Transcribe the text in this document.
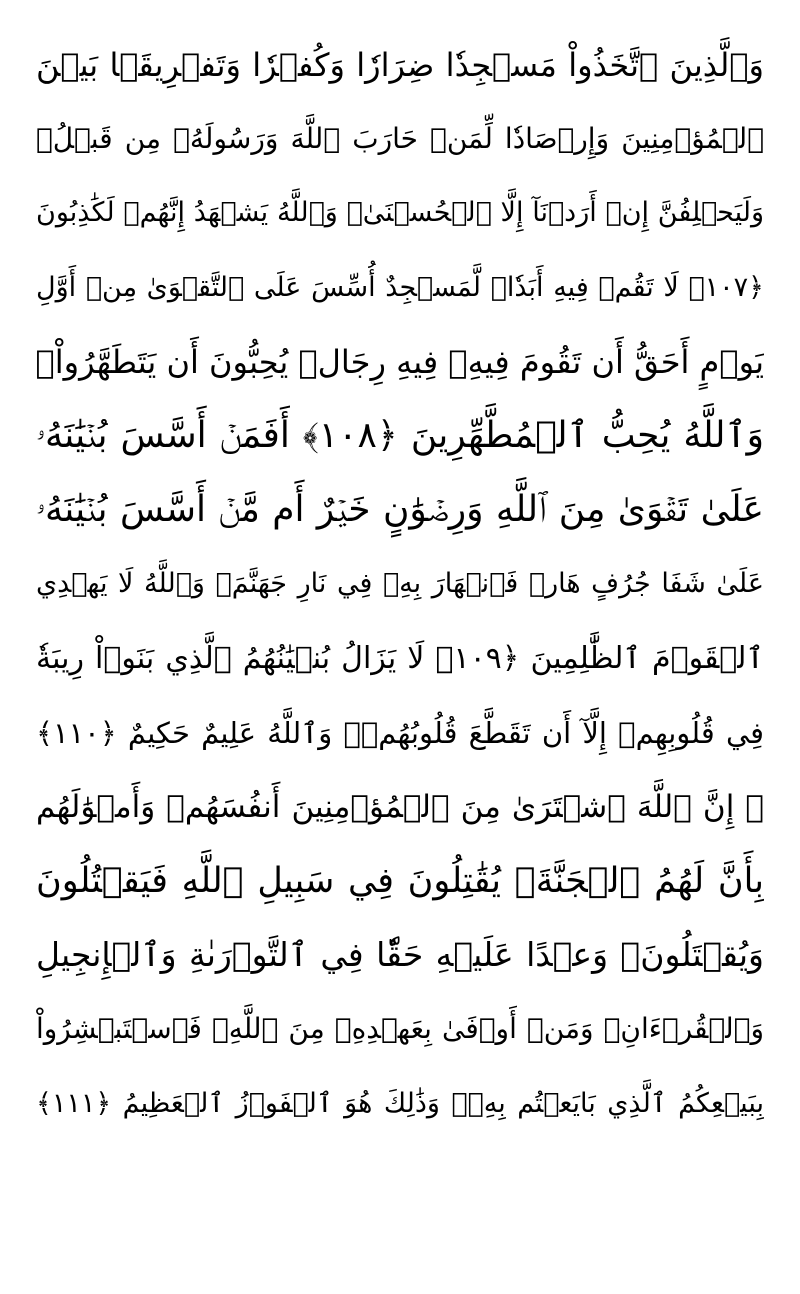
وَٱلَّذِينَ ٱتَّخَذُواْ مَسۡجِدٗا ضِرَارٗا وَكُفۡرٗا وَتَفۡرِيقَۢا بَيۡنَ
ٱلۡمُؤۡمِنِينَ وَإِرۡصَادٗا لِّمَنۡ حَارَبَ ٱللَّهَ وَرَسُولَهُۥ مِن قَبۡلُۚ
وَلَيَحۡلِفُنَّ إِنۡ أَرَدۡنَآ إِلَّا ٱلۡحُسۡنَىٰۖ وَٱللَّهُ يَشۡهَدُ إِنَّهُمۡ لَكَٰذِبُونَ
﴿١٠٧﴾ لَا تَقُمۡ فِيهِ أَبَدٗاۚ لَّمَسۡجِدٌ أُسِّسَ عَلَى ٱلتَّقۡوَىٰ مِنۡ أَوَّلِ
يَوۡمٍ أَحَقُّ أَن تَقُومَ فِيهِۚ فِيهِ رِجَالٞ يُحِبُّونَ أَن يَتَطَهَّرُواْۚ
وَٱللَّهُ يُحِبُّ ٱلۡمُطَّهِّرِينَ ﴿١٠٨﴾ أَفَمَنۡ أَسَّسَ بُنۡيَٰنَهُۥ
عَلَىٰ تَقۡوَىٰ مِنَ ٱللَّهِ وَرِضۡوَٰنٍ خَيۡرٌ أَم مَّنۡ أَسَّسَ بُنۡيَٰنَهُۥ
عَلَىٰ شَفَا جُرُفٍ هَارٖ فَٱنۡهَارَ بِهِۦ فِي نَارِ جَهَنَّمَۗ وَٱللَّهُ لَا يَهۡدِي
ٱلۡقَوۡمَ ٱلظَّٰلِمِينَ ﴿١٠٩﴾ لَا يَزَالُ بُنۡيَٰنُهُمُ ٱلَّذِي بَنَوۡاْ رِيبَةٗ
فِي قُلُوبِهِمۡ إِلَّآ أَن تَقَطَّعَ قُلُوبُهُمۡۗ وَٱللَّهُ عَلِيمٌ حَكِيمٌ ﴿١١٠﴾
۞ إِنَّ ٱللَّهَ ٱشۡتَرَىٰ مِنَ ٱلۡمُؤۡمِنِينَ أَنفُسَهُمۡ وَأَمۡوَٰلَهُم
بِأَنَّ لَهُمُ ٱلۡجَنَّةَۚ يُقَٰتِلُونَ فِي سَبِيلِ ٱللَّهِ فَيَقۡتُلُونَ
وَيُقۡتَلُونَۖ وَعۡدًا عَلَيۡهِ حَقّٗا فِي ٱلتَّوۡرَىٰةِ وَٱلۡإِنجِيلِ
وَٱلۡقُرۡءَانِۚ وَمَنۡ أَوۡفَىٰ بِعَهۡدِهِۦ مِنَ ٱللَّهِۚ فَٱسۡتَبۡشِرُواْ
بِبَيۡعِكُمُ ٱلَّذِي بَايَعۡتُم بِهِۦۚ وَذَٰلِكَ هُوَ ٱلۡفَوۡزُ ٱلۡعَظِيمُ ﴿١١١﴾
